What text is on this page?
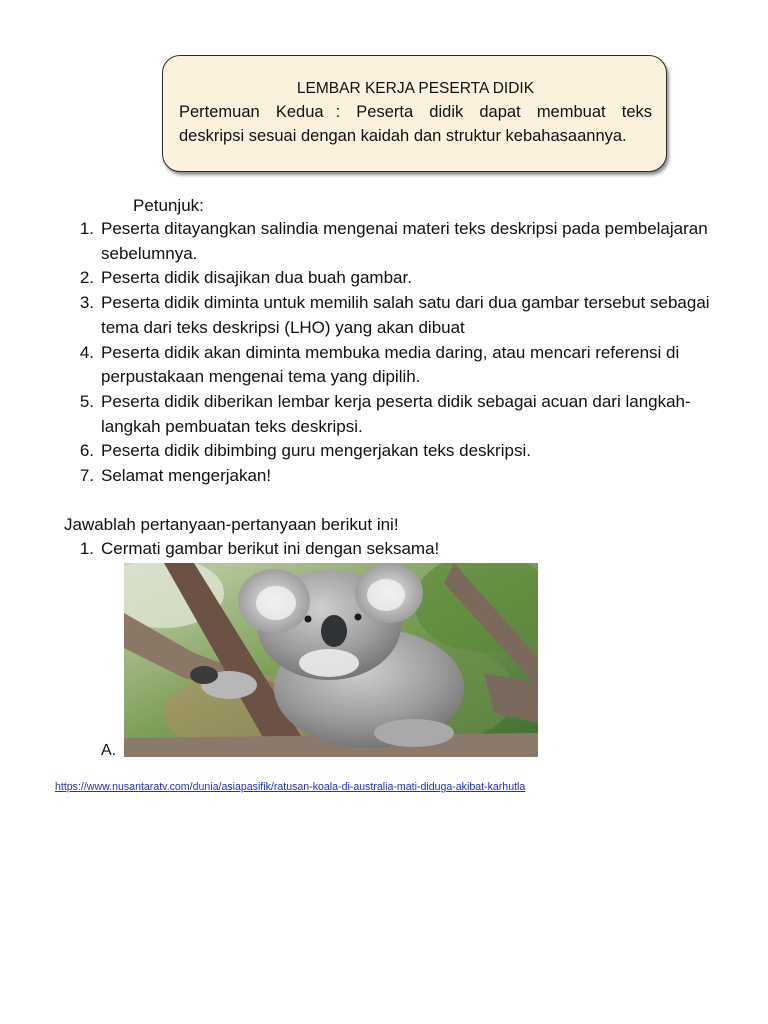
LEMBAR KERJA PESERTA DIDIK
Pertemuan Kedua : Peserta didik dapat membuat teks deskripsi sesuai dengan kaidah dan struktur kebahasaannya.
Petunjuk:
1. Peserta ditayangkan salindia mengenai materi teks deskripsi pada pembelajaran sebelumnya.
2. Peserta didik disajikan dua buah gambar.
3. Peserta didik diminta untuk memilih salah satu dari dua gambar tersebut sebagai tema dari teks deskripsi (LHO) yang akan dibuat
4. Peserta didik akan diminta membuka media daring, atau mencari referensi di perpustakaan mengenai tema yang dipilih.
5. Peserta didik diberikan lembar kerja peserta didik sebagai acuan dari langkah-langkah pembuatan teks deskripsi.
6. Peserta didik dibimbing guru mengerjakan teks deskripsi.
7. Selamat mengerjakan!
Jawablah pertanyaan-pertanyaan berikut ini!
1. Cermati gambar berikut ini dengan seksama!
A.
https://www.nusantaratv.com/dunia/asiapasifik/ratusan-koala-di-australia-mati-diduga-akibat-karhutla
